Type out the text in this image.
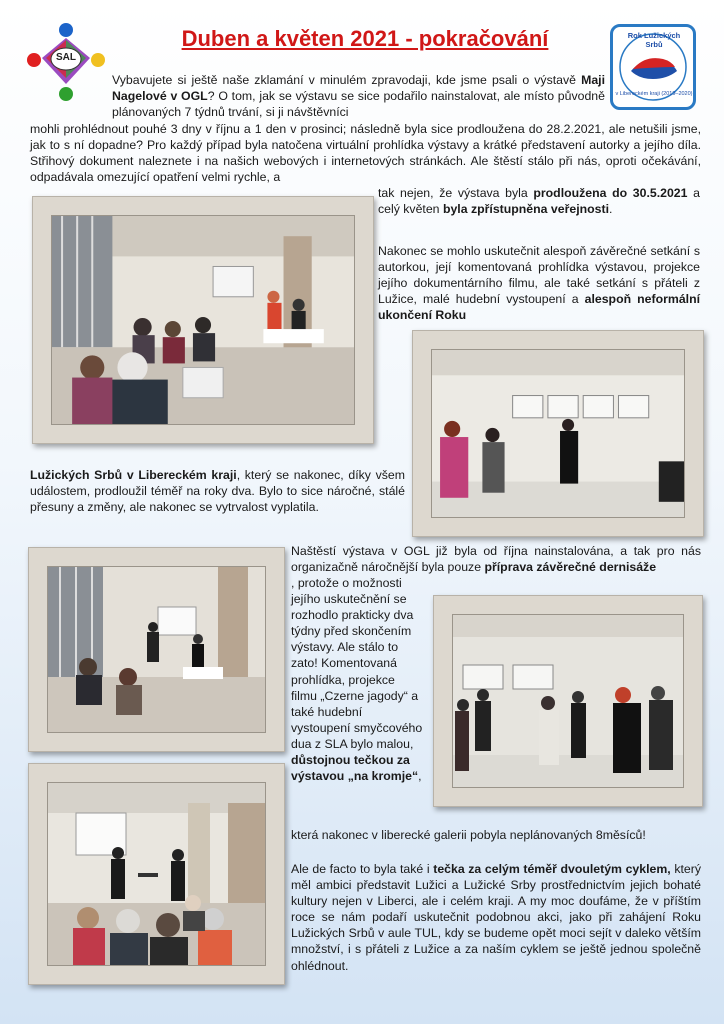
SAL
Duben a květen 2021 - pokračování	Rok Lužických Srbů
v Libereckém kraji (2019–2020)

Vybavujete si ještě naše zklamání v minulém zpravodaji, kde jsme psali o výstavě Maji Nagelové v OGL? O tom, jak se výstavu se sice podařilo nainstalovat, ale místo původně plánovaných 7 týdnů trvání, si ji návštěvníci

mohli prohlédnout pouhé 3 dny v říjnu a 1 den v prosinci; následně byla sice prodloužena do 28.2.2021, ale netušili jsme, jak to s ní dopadne? Pro každý případ byla natočena virtuální prohlídka výstavy a krátké představení autorky a jejího díla. Střihový dokument naleznete i na našich webových i internetových stránkách. Ale štěstí stálo při nás, oproti očekávání, odpadávala omezující opatření velmi rychle, a

tak nejen, že výstava byla prodloužena do 30.5.2021 a celý květen byla zpřístupněna veřejnosti.

Nakonec se mohlo uskutečnit alespoň závěrečné setkání s autorkou, její komentovaná prohlídka výstavou, projekce jejího dokumentárního filmu, ale také setkání s přáteli z Lužice, malé hudební vystoupení a alespoň neformální ukončení Roku

Lužických Srbů v Libereckém kraji, který se nakonec, díky všem událostem, prodloužil téměř na roky dva. Bylo to sice náročné, stálé přesuny a změny, ale nakonec se vytrvalost vyplatila.

Naštěstí výstava v OGL již byla od října nainstalována, a tak pro nás organizačně náročnější byla pouze příprava závěrečné dernisáže

, protože o možnosti jejího uskutečnění se rozhodlo prakticky dva týdny před skončením výstavy. Ale stálo to zato! Komentovaná prohlídka, projekce filmu „Czerne jagody“ a také hudební vystoupení smyčcového dua z SLA bylo malou, důstojnou tečkou za výstavou „na kromje“,

která nakonec v liberecké galerii pobyla neplánovaných 8měsíců!

Ale de facto to byla také i tečka za celým téměř dvouletým cyklem, který měl ambici představit Lužici a Lužické Srby prostřednictvím jejich bohaté kultury nejen v Liberci, ale i celém kraji. A my moc doufáme, že v příštím roce se nám podaří uskutečnit podobnou akci, jako při zahájení Roku Lužických Srbů v aule TUL, kdy se budeme opět moci sejít v daleko větším množství, i s přáteli z Lužice a za naším cyklem se ještě jednou společně ohlédnout.
